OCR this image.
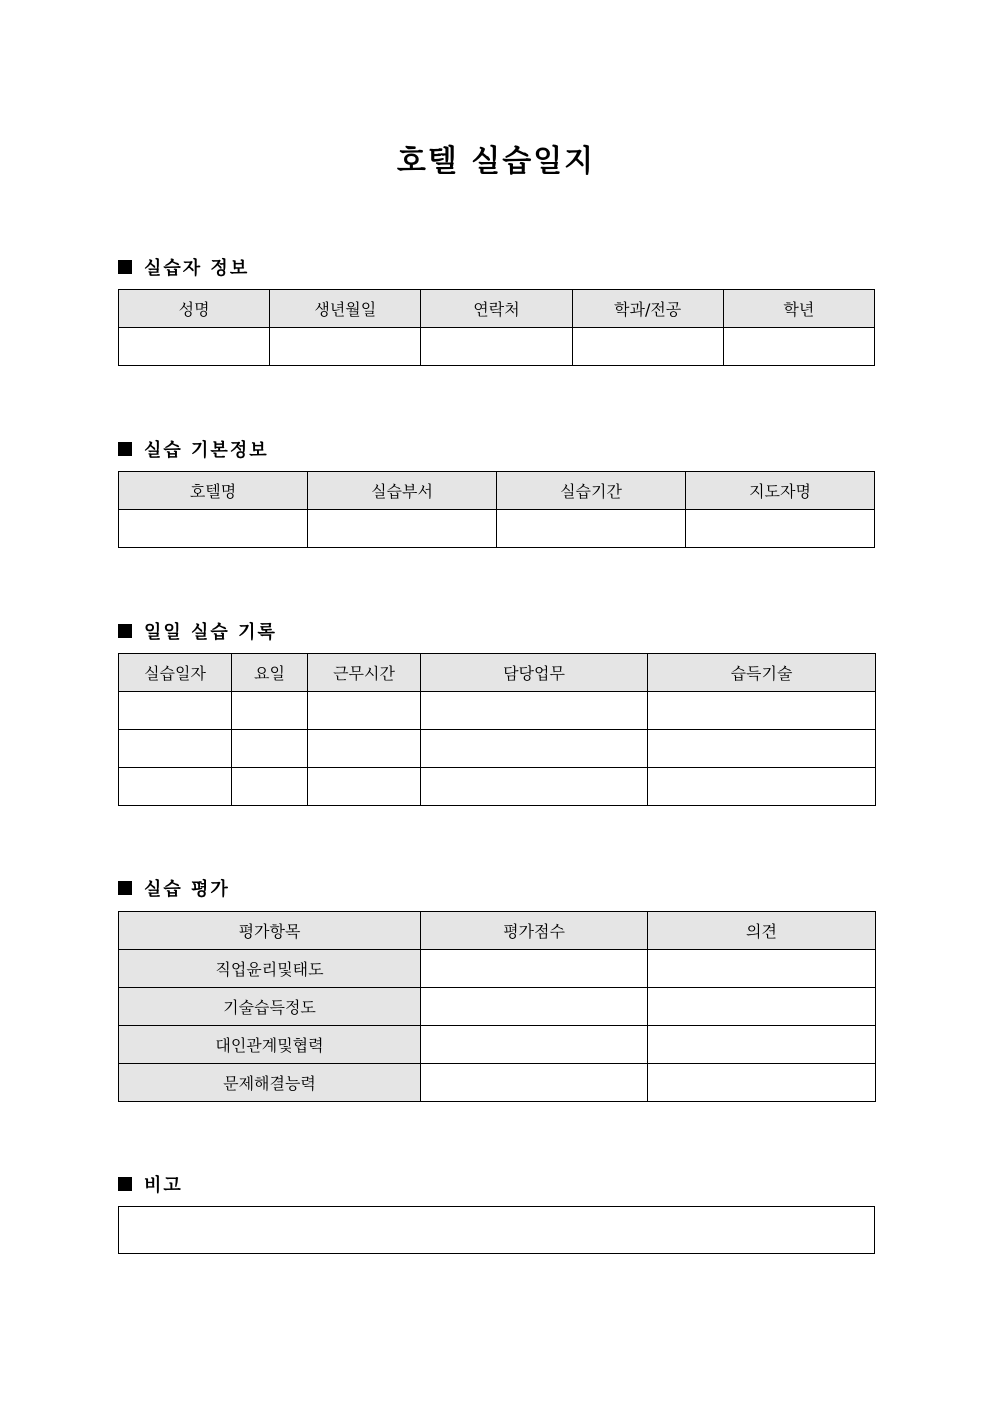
호텔 실습일지
실습자 정보
성명	생년월일	연락처	학과/전공	학년

실습 기본정보
호텔명	실습부서	실습기간	지도자명

일일 실습 기록
실습일자	요일	근무시간	담당업무	습득기술

실습 평가
평가항목	평가점수	의견
직업윤리및태도		
기술습득정도		
대인관계및협력		
문제해결능력		
비고
